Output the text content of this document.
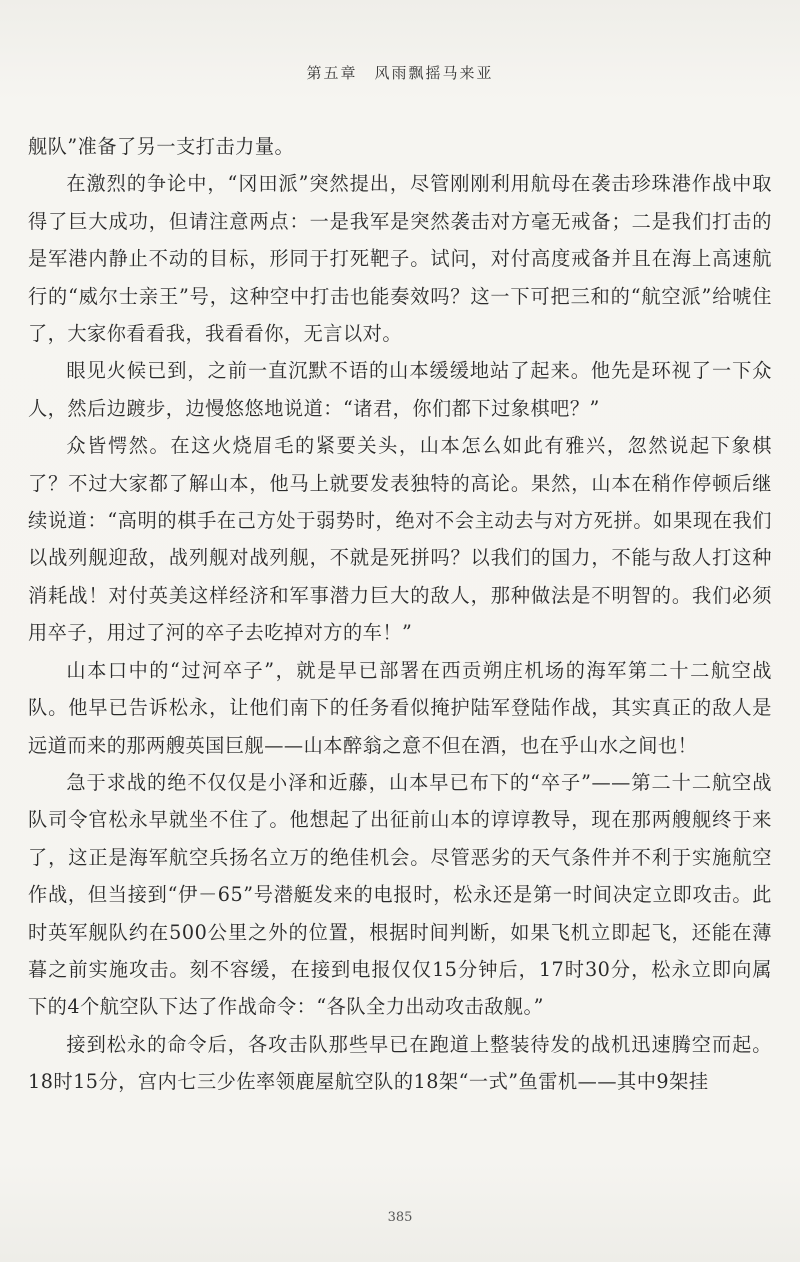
第五章　风雨飘摇马来亚

舰队”准备了另一支打击力量。

在激烈的争论中，“冈田派”突然提出，尽管刚刚利用航母在袭击珍珠港作战中取得了巨大成功，但请注意两点：一是我军是突然袭击对方毫无戒备；二是我们打击的是军港内静止不动的目标，形同于打死靶子。试问，对付高度戒备并且在海上高速航行的“威尔士亲王”号，这种空中打击也能奏效吗？这一下可把三和的“航空派”给唬住了，大家你看看我，我看看你，无言以对。

眼见火候已到，之前一直沉默不语的山本缓缓地站了起来。他先是环视了一下众人，然后边踱步，边慢悠悠地说道：“诸君，你们都下过象棋吧？”

众皆愕然。在这火烧眉毛的紧要关头，山本怎么如此有雅兴，忽然说起下象棋了？不过大家都了解山本，他马上就要发表独特的高论。果然，山本在稍作停顿后继续说道：“高明的棋手在己方处于弱势时，绝对不会主动去与对方死拼。如果现在我们以战列舰迎敌，战列舰对战列舰，不就是死拼吗？以我们的国力，不能与敌人打这种消耗战！对付英美这样经济和军事潜力巨大的敌人，那种做法是不明智的。我们必须用卒子，用过了河的卒子去吃掉对方的车！”

山本口中的“过河卒子”，就是早已部署在西贡朔庄机场的海军第二十二航空战队。他早已告诉松永，让他们南下的任务看似掩护陆军登陆作战，其实真正的敌人是远道而来的那两艘英国巨舰——山本醉翁之意不但在酒，也在乎山水之间也！

急于求战的绝不仅仅是小泽和近藤，山本早已布下的“卒子”——第二十二航空战队司令官松永早就坐不住了。他想起了出征前山本的谆谆教导，现在那两艘舰终于来了，这正是海军航空兵扬名立万的绝佳机会。尽管恶劣的天气条件并不利于实施航空作战，但当接到“伊－65”号潜艇发来的电报时，松永还是第一时间决定立即攻击。此时英军舰队约在500公里之外的位置，根据时间判断，如果飞机立即起飞，还能在薄暮之前实施攻击。刻不容缓，在接到电报仅仅15分钟后，17时30分，松永立即向属下的4个航空队下达了作战命令：“各队全力出动攻击敌舰。”

接到松永的命令后，各攻击队那些早已在跑道上整装待发的战机迅速腾空而起。18时15分，宫内七三少佐率领鹿屋航空队的18架“一式”鱼雷机——其中9架挂

385
